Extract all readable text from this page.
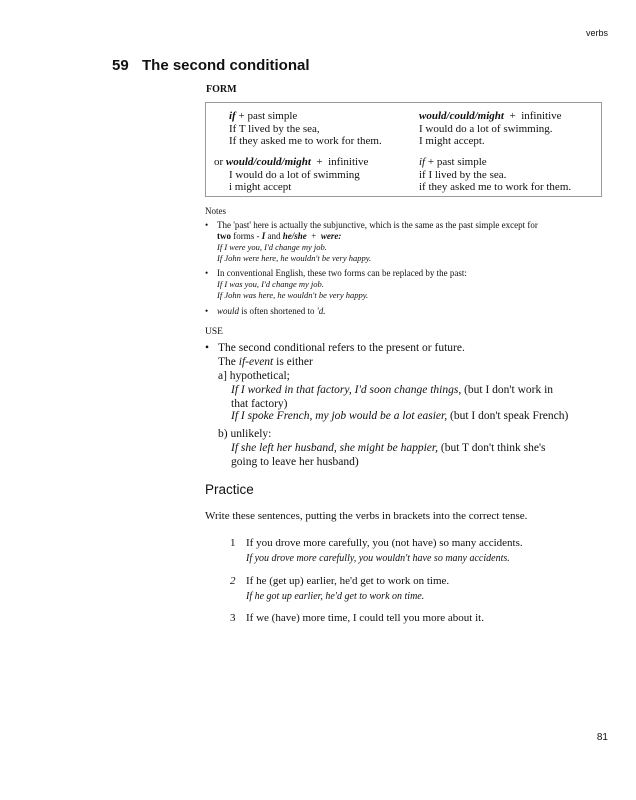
verbs
59 The second conditional
FORM
if + past simple
If T lived by the sea,
If they asked me to work for them.
would/could/might + infinitive
I would do a lot of swimming.
I might accept.
or would/could/might + infinitive
I would do a lot of swimming
i might accept
if + past simple
if I lived by the sea.
if they asked me to work for them.
Notes
• The 'past' here is actually the subjunctive, which is the same as the past simple except for
two forms - I and he/she + were:
If I were you, I'd change my job.
If John were here, he wouldn't be very happy.
• In conventional English, these two forms can be replaced by the past:
If I was you, I'd change my job.
If John was here, he wouldn't be very happy.
• would is often shortened to 'd.
USE
• The second conditional refers to the present or future.
The if-event is either
a] hypothetical;
If I worked in that factory, I'd soon change things, (but I don't work in
that factory)
If I spoke French, my job would be a lot easier, (but I don't speak French)
b) unlikely:
If she left her husband, she might be happier, (but T don't think she's
going to leave her husband)
Practice
Write these sentences, putting the verbs in brackets into the correct tense.
1 If you drove more carefully, you (not have) so many accidents.
If you drove more carefully, you wouldn't have so many accidents.
2 If he (get up) earlier, he'd get to work on time.
If he got up earlier, he'd get to work on time.
3 If we (have) more time, I could tell you more about it.
81
